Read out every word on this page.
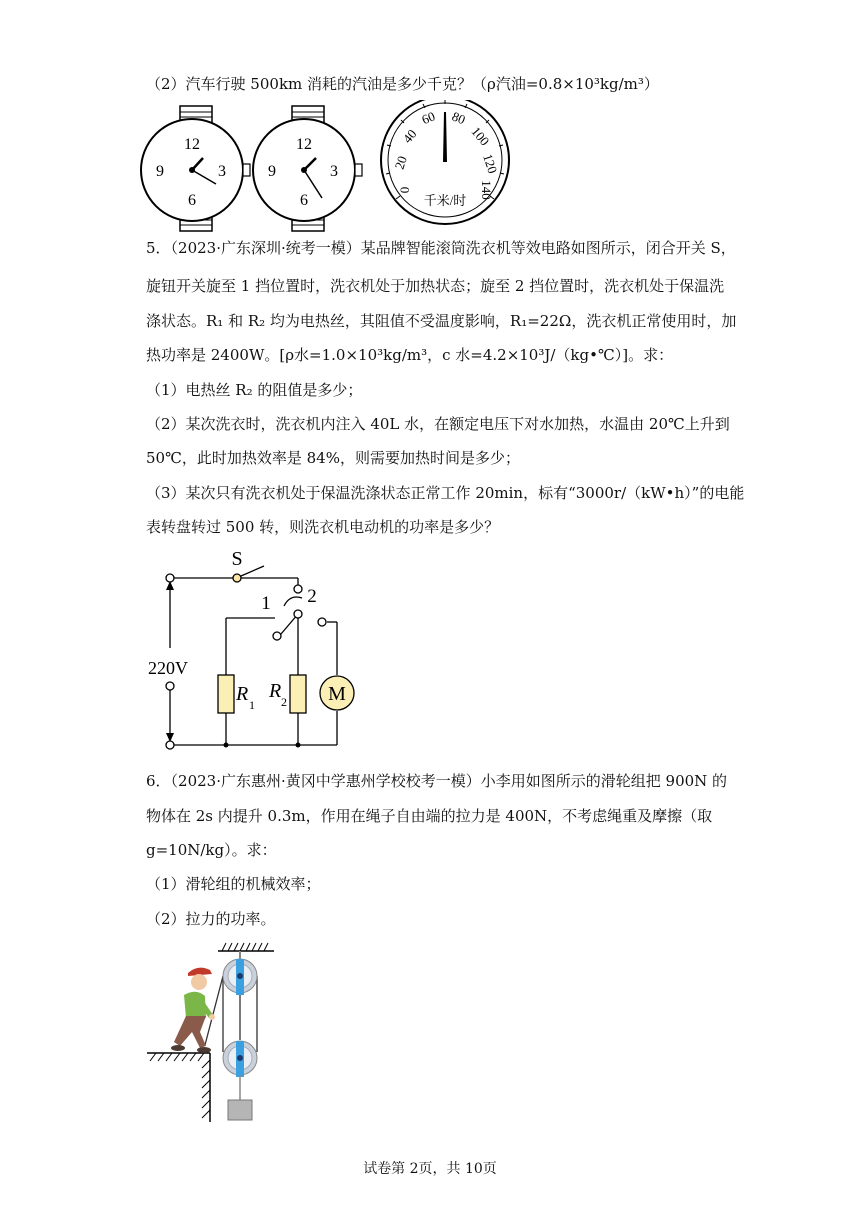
（2）汽车行驶 500km 消耗的汽油是多少千克？（ρ汽油=0.8×10³kg/m³）
12
3
6
9
12
3
6
9
0
20
40
60 80
100
120
140
千米/时
5．（2023·广东深圳·统考一模）某品牌智能滚筒洗衣机等效电路如图所示，闭合开关 S，
旋钮开关旋至 1 挡位置时，洗衣机处于加热状态；旋至 2 挡位置时，洗衣机处于保温洗
涤状态。R₁ 和 R₂ 均为电热丝，其阻值不受温度影响，R₁=22Ω，洗衣机正常使用时，加
热功率是 2400W。[ρ水=1.0×10³kg/m³，c 水=4.2×10³J/（kg•℃）]。求：
（1）电热丝 R₂ 的阻值是多少；
（2）某次洗衣时，洗衣机内注入 40L 水，在额定电压下对水加热，水温由 20℃上升到
50℃，此时加热效率是 84%，则需要加热时间是多少；
（3）某次只有洗衣机处于保温洗涤状态正常工作 20min，标有“3000r/（kW•h）”的电能
表转盘转过 500 转，则洗衣机电动机的功率是多少？
S
1 2
220V
R 1
R 2 M
6．（2023·广东惠州·黄冈中学惠州学校校考一模）小李用如图所示的滑轮组把 900N 的
物体在 2s 内提升 0.3m，作用在绳子自由端的拉力是 400N，不考虑绳重及摩擦（取
g=10N/kg）。求：
（1）滑轮组的机械效率；
（2）拉力的功率。
试卷第 2页，共 10页
